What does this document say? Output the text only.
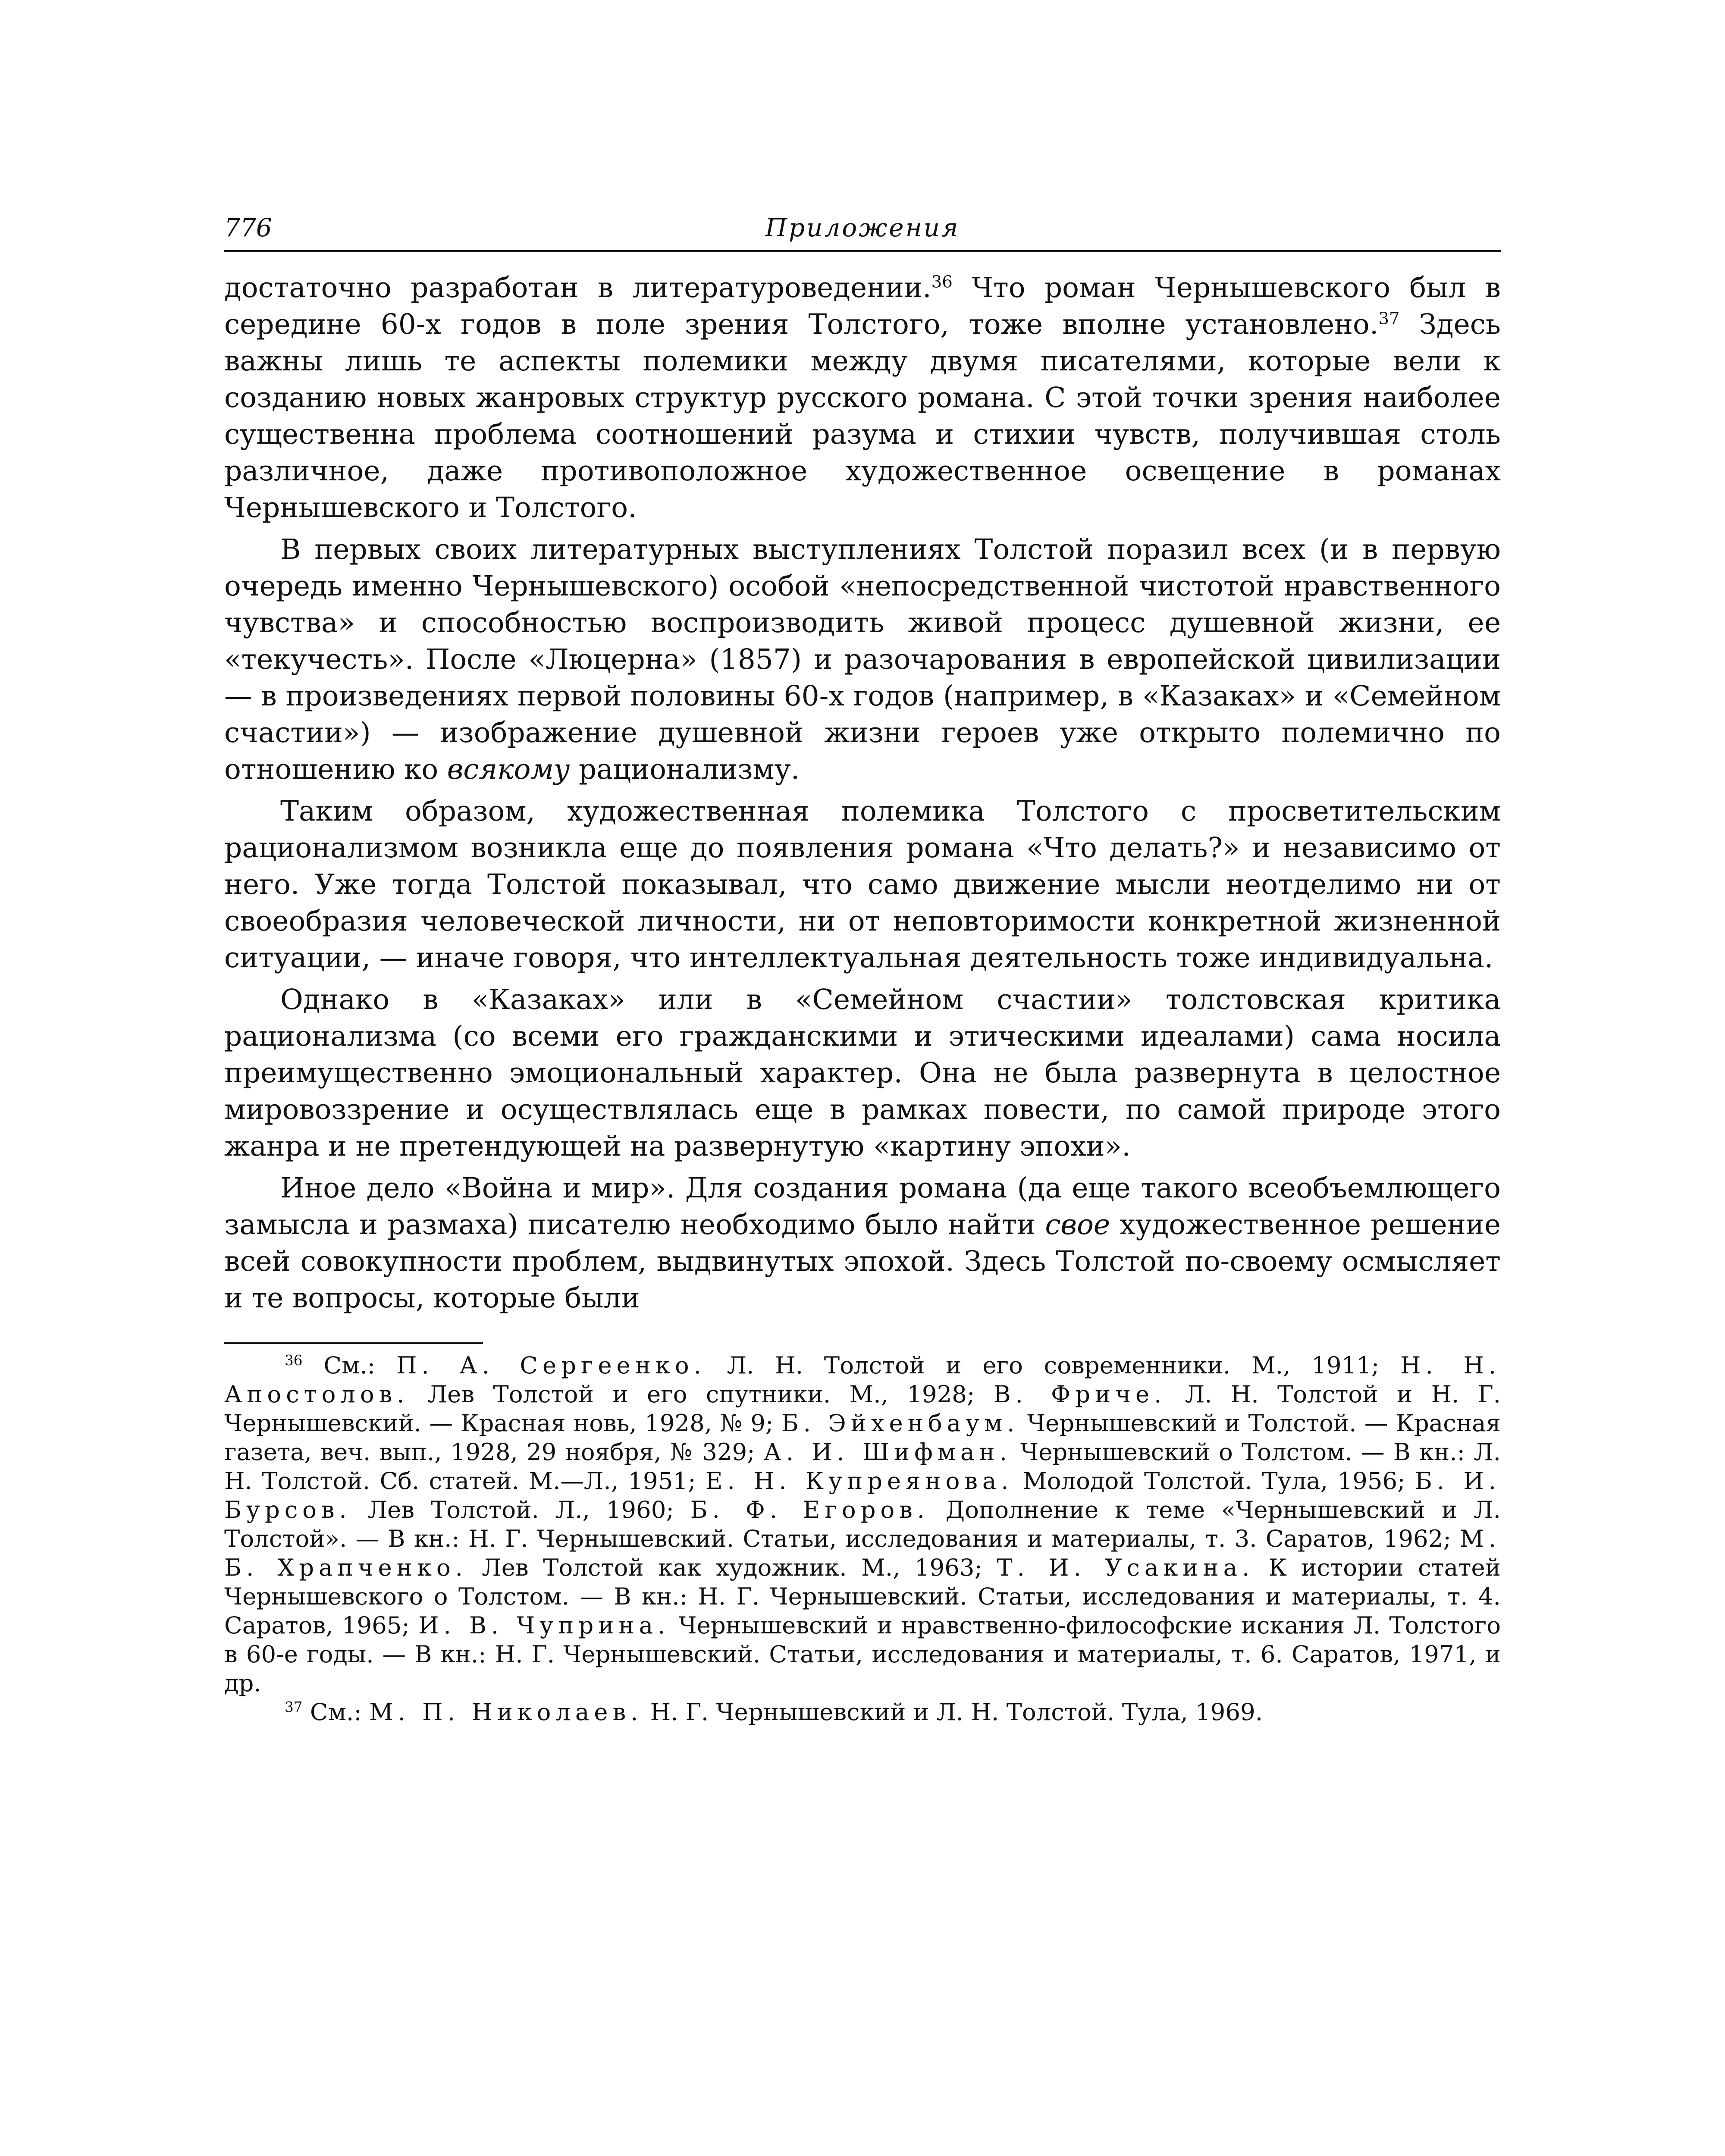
776	Приложения

достаточно разработан в литературоведении.$^{36}$ Что роман Чернышевского был в середине 60-х годов в поле зрения Толстого, тоже вполне установлено.$^{37}$ Здесь важны лишь те аспекты полемики между двумя писателями, которые вели к созданию новых жанровых структур русского романа. С этой точки зрения наиболее существенна проблема соотношений разума и стихии чувств, получившая столь различное, даже противоположное художественное освещение в романах Чернышевского и Толстого.

В первых своих литературных выступлениях Толстой поразил всех (и в первую очередь именно Чернышевского) особой «непосредственной чистотой нравственного чувства» и способностью воспроизводить живой процесс душевной жизни, ее «текучесть». После «Люцерна» (1857) и разочарования в европейской цивилизации — в произведениях первой половины 60-х годов (например, в «Казаках» и «Семейном счастии») — изображение душевной жизни героев уже открыто полемично по отношению ко всякому рационализму.

Таким образом, художественная полемика Толстого с просветительским рационализмом возникла еще до появления романа «Что делать?» и независимо от него. Уже тогда Толстой показывал, что само движение мысли неотделимо ни от своеобразия человеческой личности, ни от неповторимости конкретной жизненной ситуации, — иначе говоря, что интеллектуальная деятельность тоже индивидуальна.

Однако в «Казаках» или в «Семейном счастии» толстовская критика рационализма (со всеми его гражданскими и этическими идеалами) сама носила преимущественно эмоциональный характер. Она не была развернута в целостное мировоззрение и осуществлялась еще в рамках повести, по самой природе этого жанра и не претендующей на развернутую «картину эпохи».

Иное дело «Война и мир». Для создания романа (да еще такого всеобъемлющего замысла и размаха) писателю необходимо было найти свое художественное решение всей совокупности проблем, выдвинутых эпохой. Здесь Толстой по-своему осмысляет и те вопросы, которые были

$^{36}$ См.: П. А. Сергеенко. Л. Н. Толстой и его современники. М., 1911; Н. Н. Апостолов. Лев Толстой и его спутники. М., 1928; В. Фриче. Л. Н. Толстой и Н. Г. Чернышевский. — Красная новь, 1928, № 9; Б. Эйхенбаум. Чернышевский и Толстой. — Красная газета, веч. вып., 1928, 29 ноября, № 329; А. И. Шифман. Чернышевский о Толстом. — В кн.: Л. Н. Толстой. Сб. статей. М.—Л., 1951; Е. Н. Купреянова. Молодой Толстой. Тула, 1956; Б. И. Бурсов. Лев Толстой. Л., 1960; Б. Ф. Егоров. Дополнение к теме «Чернышевский и Л. Толстой». — В кн.: Н. Г. Чернышевский. Статьи, исследования и материалы, т. 3. Саратов, 1962; М. Б. Храпченко. Лев Толстой как художник. М., 1963; Т. И. Усакина. К истории статей Чернышевского о Толстом. — В кн.: Н. Г. Чернышевский. Статьи, исследования и материалы, т. 4. Саратов, 1965; И. В. Чуприна. Чернышевский и нравственно-философские искания Л. Толстого в 60-е годы. — В кн.: Н. Г. Чернышевский. Статьи, исследования и материалы, т. 6. Саратов, 1971, и др.

$^{37}$ См.: М. П. Николаев. Н. Г. Чернышевский и Л. Н. Толстой. Тула, 1969.
